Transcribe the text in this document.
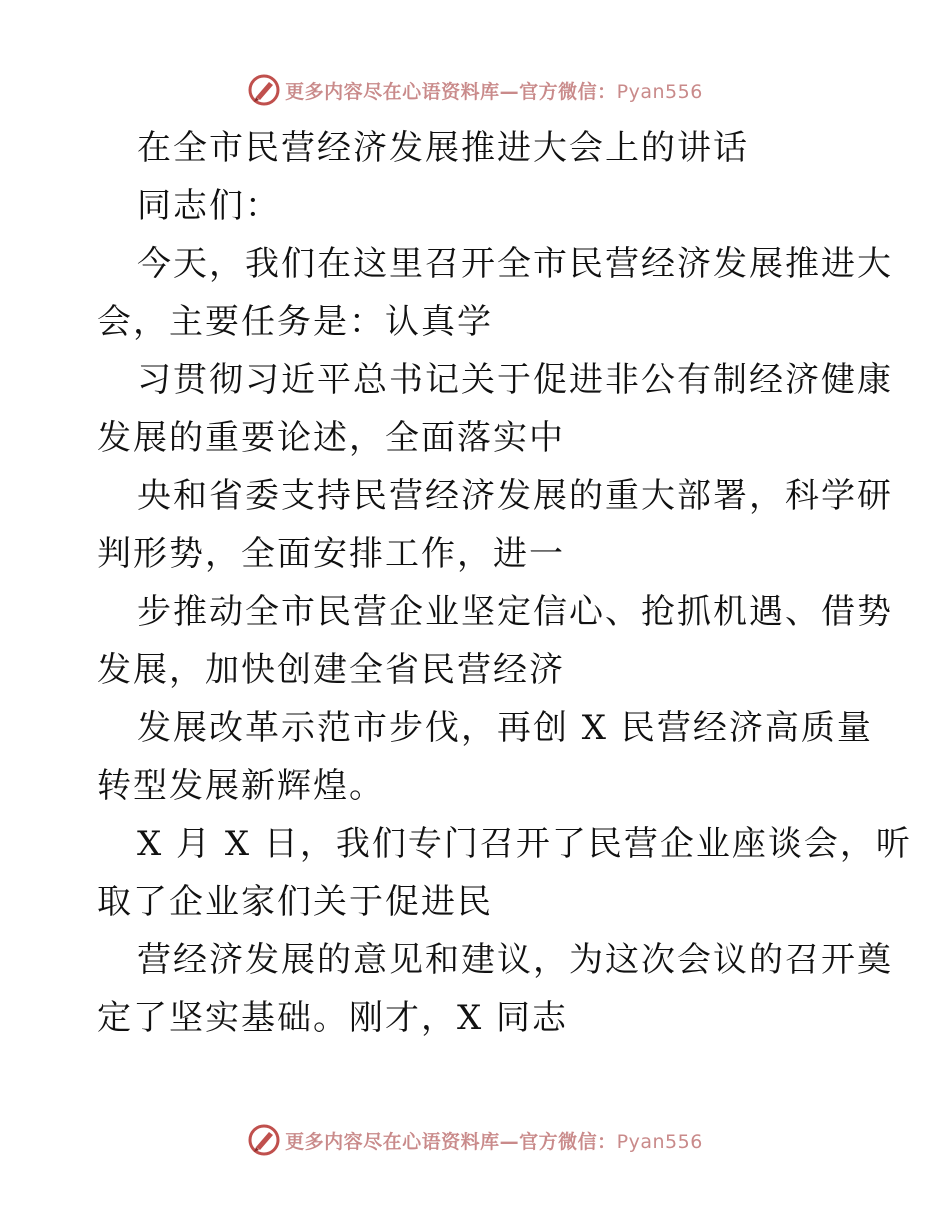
更多内容尽在心语资料库—官方微信：Pyan556
在全市民营经济发展推进大会上的讲话
同志们：
今天，我们在这里召开全市民营经济发展推进大
会，主要任务是：认真学
习贯彻习近平总书记关于促进非公有制经济健康
发展的重要论述，全面落实中
央和省委支持民营经济发展的重大部署，科学研
判形势，全面安排工作，进一
步推动全市民营企业坚定信心、抢抓机遇、借势
发展，加快创建全省民营经济
发展改革示范市步伐，再创 X 民营经济高质量
转型发展新辉煌。
X 月 X 日，我们专门召开了民营企业座谈会，听
取了企业家们关于促进民
营经济发展的意见和建议，为这次会议的召开奠
定了坚实基础。刚才，X 同志
更多内容尽在心语资料库—官方微信：Pyan556
